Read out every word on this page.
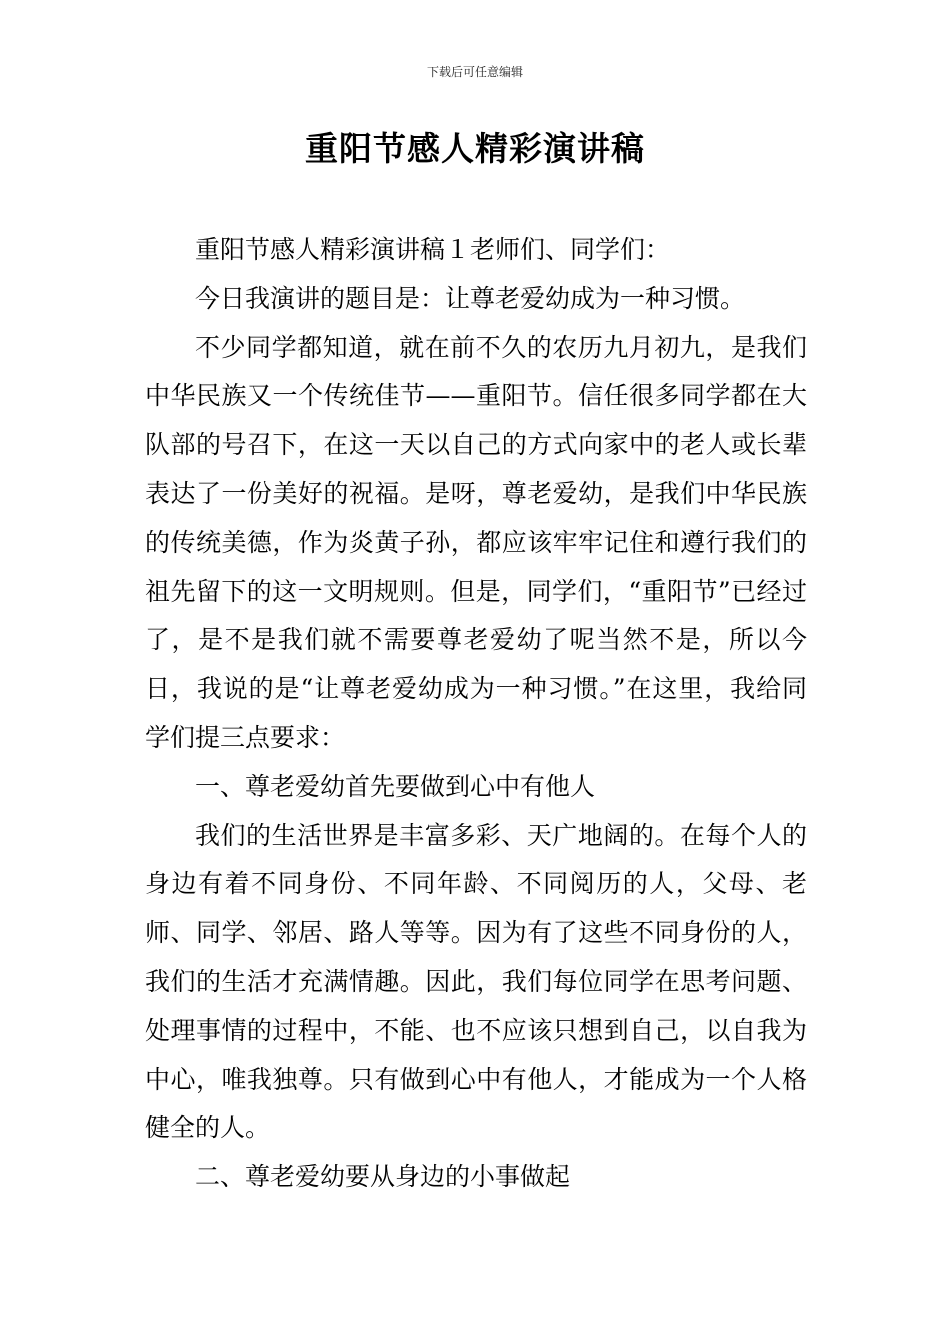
下载后可任意编辑
重阳节感人精彩演讲稿

重阳节感人精彩演讲稿１老师们、同学们：

今日我演讲的题目是：让尊老爱幼成为一种习惯。

不少同学都知道，就在前不久的农历九月初九，是我们中华民族又一个传统佳节——重阳节。信任很多同学都在大队部的号召下，在这一天以自己的方式向家中的老人或长辈表达了一份美好的祝福。是呀，尊老爱幼，是我们中华民族的传统美德，作为炎黄子孙，都应该牢牢记住和遵行我们的祖先留下的这一文明规则。但是，同学们，“重阳节”已经过了，是不是我们就不需要尊老爱幼了呢当然不是，所以今日，我说的是“让尊老爱幼成为一种习惯。”在这里，我给同学们提三点要求：

一、尊老爱幼首先要做到心中有他人

我们的生活世界是丰富多彩、天广地阔的。在每个人的身边有着不同身份、不同年龄、不同阅历的人，父母、老师、同学、邻居、路人等等。因为有了这些不同身份的人，我们的生活才充满情趣。因此，我们每位同学在思考问题、处理事情的过程中，不能、也不应该只想到自己，以自我为中心，唯我独尊。只有做到心中有他人，才能成为一个人格健全的人。

二、尊老爱幼要从身边的小事做起
